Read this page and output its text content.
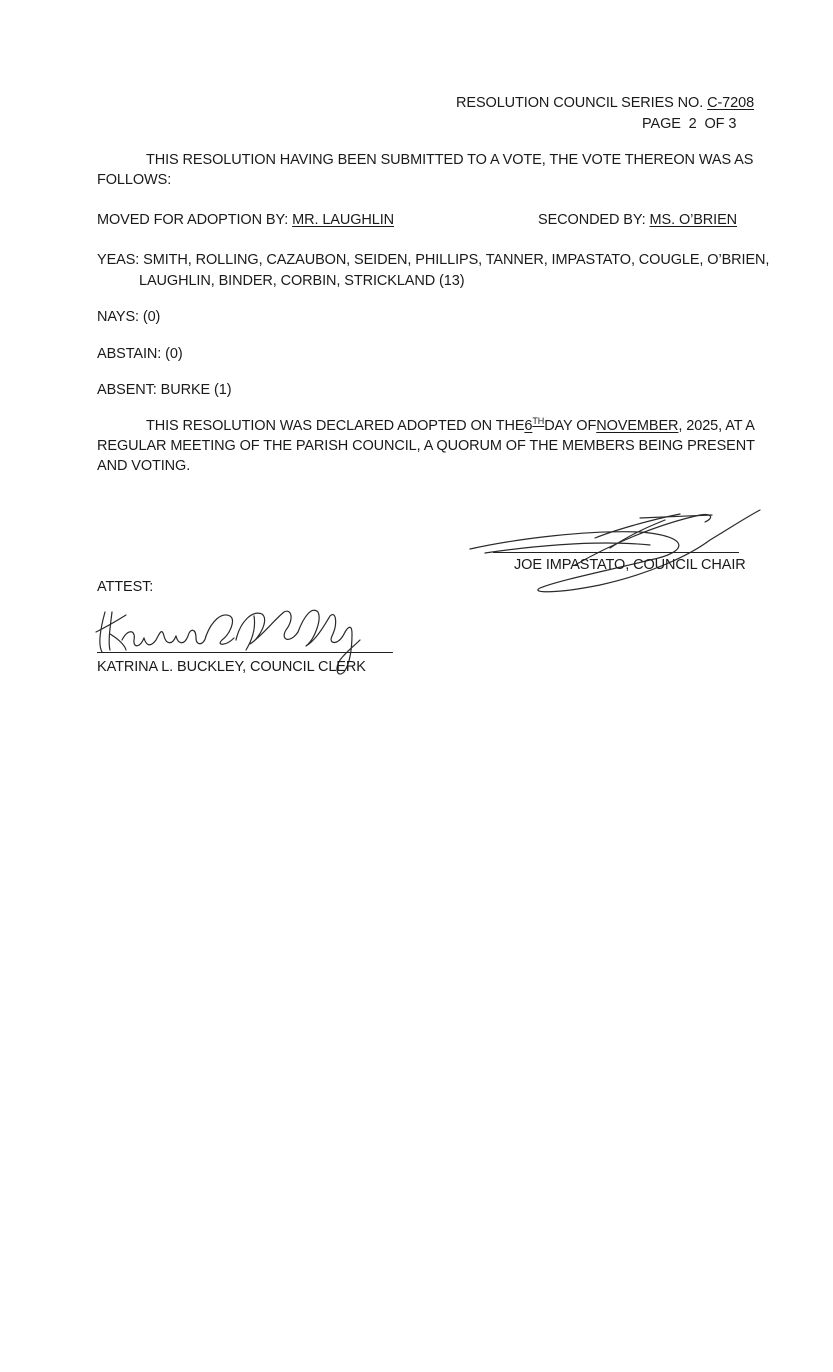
RESOLUTION COUNCIL SERIES NO. C-7208
PAGE  2  OF 3
THIS RESOLUTION HAVING BEEN SUBMITTED TO A VOTE, THE VOTE THEREON WAS AS
FOLLOWS:
MOVED FOR ADOPTION BY: MR. LAUGHLIN	SECONDED BY: MS. O’BRIEN
YEAS: SMITH, ROLLING, CAZAUBON, SEIDEN, PHILLIPS, TANNER, IMPASTATO, COUGLE, O’BRIEN,
LAUGHLIN, BINDER, CORBIN, STRICKLAND (13)
NAYS: (0)
ABSTAIN: (0)
ABSENT: BURKE (1)
THIS RESOLUTION WAS DECLARED ADOPTED ON THE 6TH DAY OF NOVEMBER, 2025, AT A
REGULAR MEETING OF THE PARISH COUNCIL, A QUORUM OF THE MEMBERS BEING PRESENT
AND VOTING.
JOE IMPASTATO, COUNCIL CHAIR
ATTEST:
KATRINA L. BUCKLEY, COUNCIL CLERK
